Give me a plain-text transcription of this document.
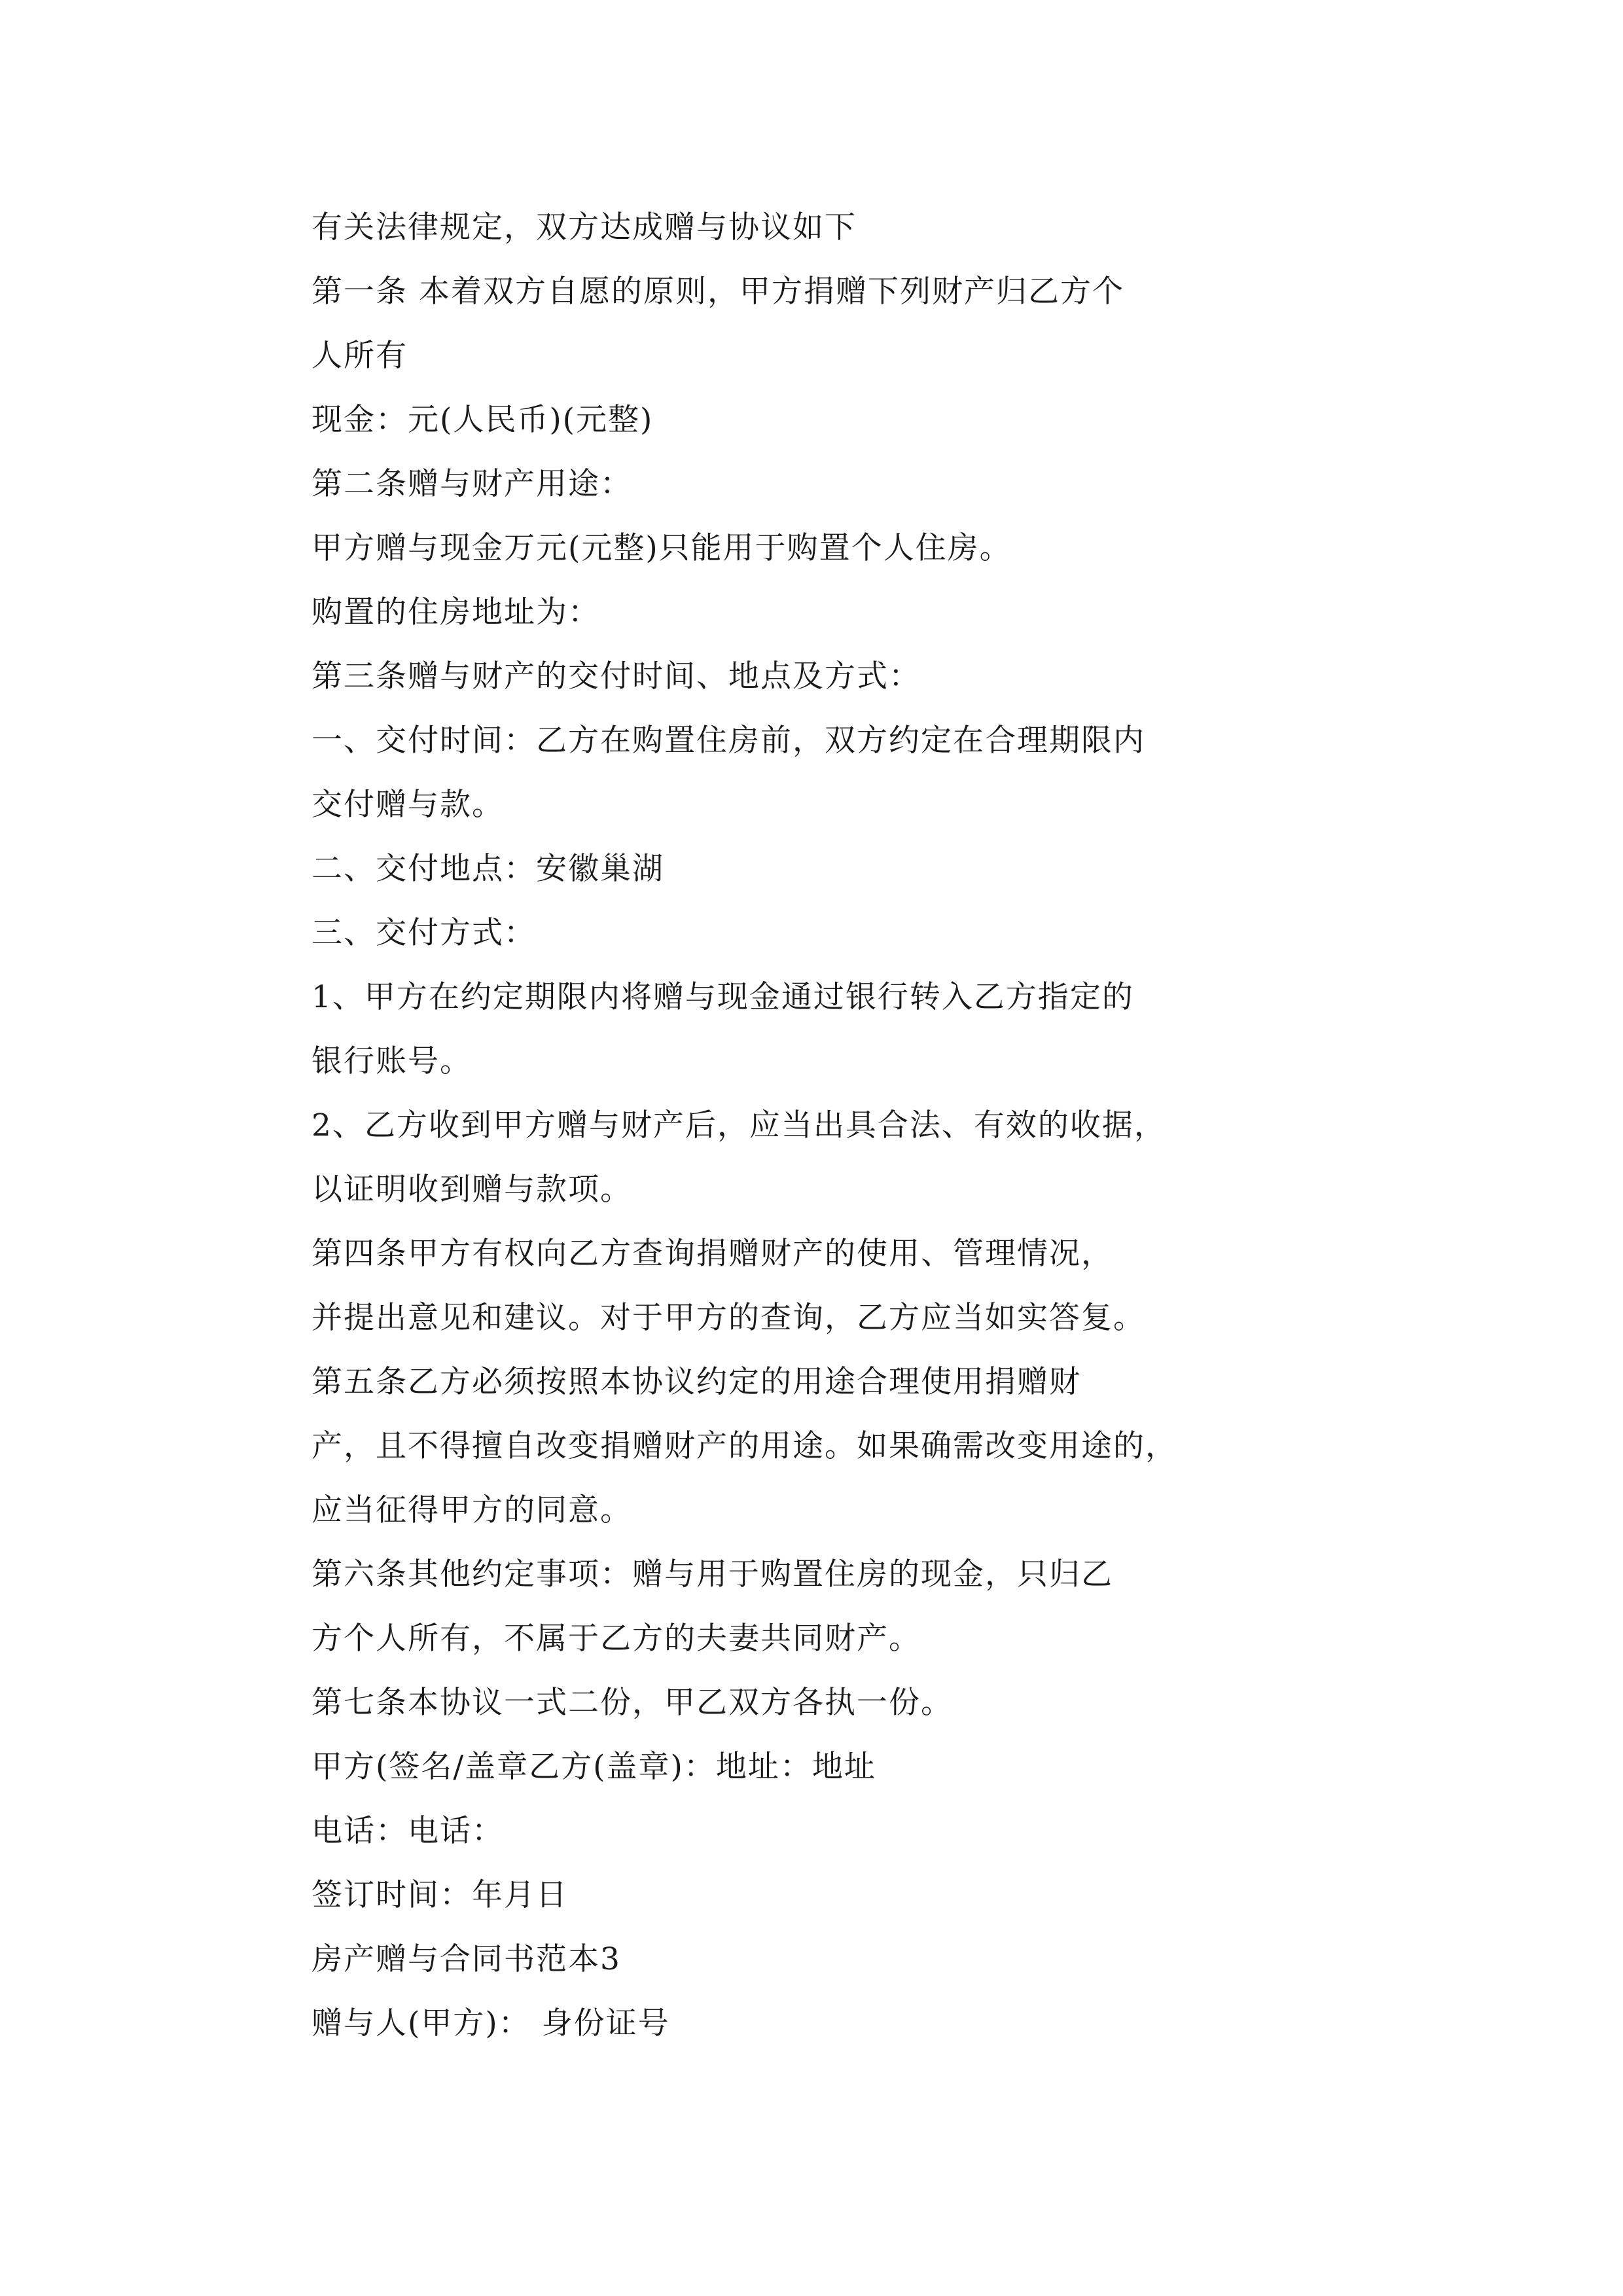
有关法律规定，双方达成赠与协议如下
第一条 本着双方自愿的原则，甲方捐赠下列财产归乙方个
人所有
现金：元(人民币)(元整)
第二条赠与财产用途：
甲方赠与现金万元(元整)只能用于购置个人住房。
购置的住房地址为：
第三条赠与财产的交付时间、地点及方式：
一、交付时间：乙方在购置住房前，双方约定在合理期限内
交付赠与款。
二、交付地点：安徽巢湖
三、交付方式：
1、甲方在约定期限内将赠与现金通过银行转入乙方指定的
银行账号。
2、乙方收到甲方赠与财产后，应当出具合法、有效的收据，
以证明收到赠与款项。
第四条甲方有权向乙方查询捐赠财产的使用、管理情况，
并提出意见和建议。对于甲方的查询，乙方应当如实答复。
第五条乙方必须按照本协议约定的用途合理使用捐赠财
产，且不得擅自改变捐赠财产的用途。如果确需改变用途的，
应当征得甲方的同意。
第六条其他约定事项：赠与用于购置住房的现金，只归乙
方个人所有，不属于乙方的夫妻共同财产。
第七条本协议一式二份，甲乙双方各执一份。
甲方(签名/盖章乙方(盖章)：地址：地址
电话：电话：
签订时间：年月日
房产赠与合同书范本3
赠与人(甲方)： 身份证号
